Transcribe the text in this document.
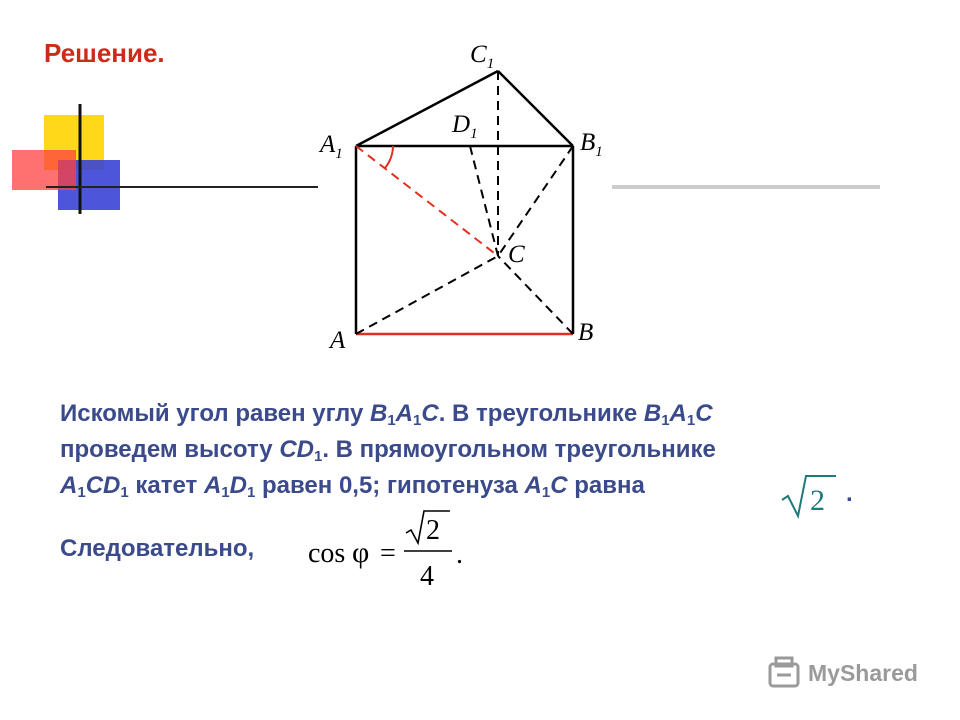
Решение.	$C_1$
$D_1$
$A_1$	$B_1$
C
A	B
Искомый угол равен углу $B_1A_1C$. В треугольнике $B_1A_1C$
проведем высоту $CD_1$. В прямоугольном треугольнике
$A_1CD_1$ катет $A_1D_1$ равен 0,5; гипотенуза $A_1C$ равна	2 .
Следовательно, cos φ =
2
4
.
MyShared
